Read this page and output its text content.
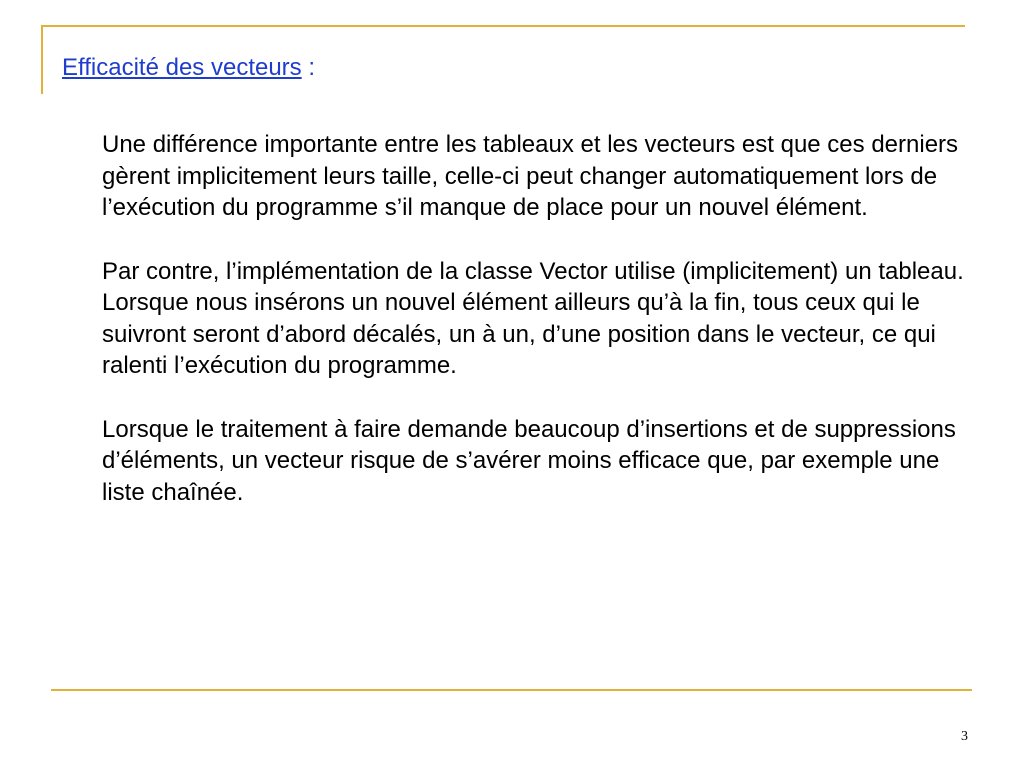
Efficacité des vecteurs :

Une différence importante entre les tableaux et les vecteurs est que ces derniers gèrent implicitement leurs taille, celle-ci peut changer automatiquement lors de l’exécution du programme s’il manque de place pour un nouvel élément.

Par contre, l’implémentation de la classe Vector utilise (implicitement) un tableau. Lorsque nous insérons un nouvel élément ailleurs qu’à la fin, tous ceux qui le suivront seront d’abord décalés, un à un, d’une position dans le vecteur, ce qui ralenti l’exécution du programme.

Lorsque le traitement à faire demande beaucoup d’insertions et de suppressions d’éléments, un vecteur risque de s’avérer moins efficace que, par exemple une liste chaînée.

3
